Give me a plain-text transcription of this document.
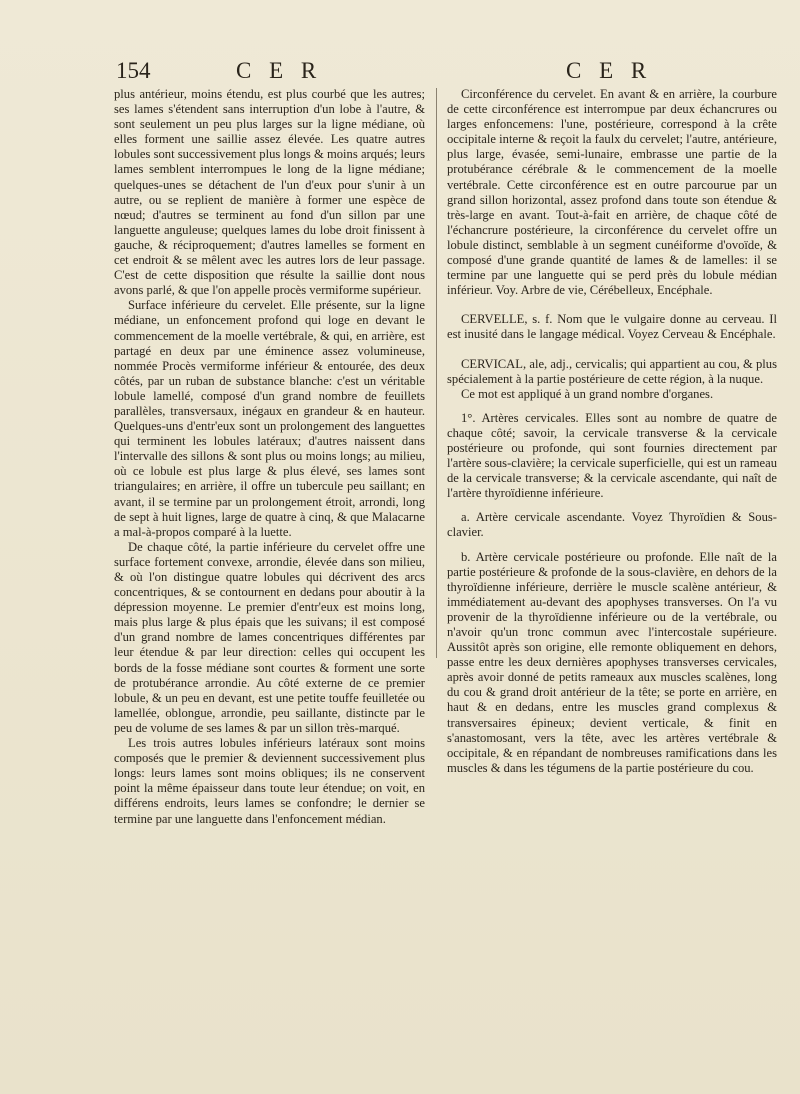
154	C E R	C E R

plus antérieur, moins étendu, est plus courbé que les autres; ses lames s'étendent sans interruption d'un lobe à l'autre, & sont seulement un peu plus larges sur la ligne médiane, où elles forment une saillie assez élevée. Les quatre autres lobules sont successivement plus longs & moins arqués; leurs lames semblent interrompues le long de la ligne médiane; quelques-unes se détachent de l'un d'eux pour s'unir à un autre, ou se replient de manière à former une espèce de nœud; d'autres se terminent au fond d'un sillon par une languette anguleuse; quelques lames du lobe droit finissent à gauche, & réciproquement; d'autres lamelles se forment en cet endroit & se mêlent avec les autres lors de leur passage. C'est de cette disposition que résulte la saillie dont nous avons parlé, & que l'on appelle procès vermiforme supérieur.

Surface inférieure du cervelet. Elle présente, sur la ligne médiane, un enfoncement profond qui loge en devant le commencement de la moelle vertébrale, & qui, en arrière, est partagé en deux par une éminence assez volumineuse, nommée Procès vermiforme inférieur & entourée, des deux côtés, par un ruban de substance blanche: c'est un véritable lobule lamellé, composé d'un grand nombre de feuillets parallèles, transversaux, inégaux en grandeur & en hauteur. Quelques-uns d'entr'eux sont un prolongement des languettes qui terminent les lobules latéraux; d'autres naissent dans l'intervalle des sillons & sont plus ou moins longs; au milieu, où ce lobule est plus large & plus élevé, ses lames sont triangulaires; en arrière, il offre un tubercule peu saillant; en avant, il se termine par un prolongement étroit, arrondi, long de sept à huit lignes, large de quatre à cinq, & que Malacarne a mal-à-propos comparé à la luette.

De chaque côté, la partie inférieure du cervelet offre une surface fortement convexe, arrondie, élevée dans son milieu, & où l'on distingue quatre lobules qui décrivent des arcs concentriques, & se contournent en dedans pour aboutir à la dépression moyenne. Le premier d'entr'eux est moins long, mais plus large & plus épais que les suivans; il est composé d'un grand nombre de lames concentriques différentes par leur étendue & par leur direction: celles qui occupent les bords de la fosse médiane sont courtes & forment une sorte de protubérance arrondie. Au côté externe de ce premier lobule, & un peu en devant, est une petite touffe feuilletée ou lamellée, oblongue, arrondie, peu saillante, distincte par le peu de volume de ses lames & par un sillon très-marqué.

Les trois autres lobules inférieurs latéraux sont moins composés que le premier & deviennent successivement plus longs: leurs lames sont moins obliques; ils ne conservent point la même épaisseur dans toute leur étendue; on voit, en différens endroits, leurs lames se confondre; le dernier se termine par une languette dans l'enfoncement médian.

Circonférence du cervelet. En avant & en arrière, la courbure de cette circonférence est interrompue par deux échancrures ou larges enfoncemens: l'une, postérieure, correspond à la crête occipitale interne & reçoit la faulx du cervelet; l'autre, antérieure, plus large, évasée, semi-lunaire, embrasse une partie de la protubérance cérébrale & le commencement de la moelle vertébrale. Cette circonférence est en outre parcourue par un grand sillon horizontal, assez profond dans toute son étendue & très-large en avant. Tout-à-fait en arrière, de chaque côté de l'échancrure postérieure, la circonférence du cervelet offre un lobule distinct, semblable à un segment cunéiforme d'ovoïde, & composé d'une grande quantité de lames & de lamelles: il se termine par une languette qui se perd près du lobule médian inférieur. Voy. Arbre de vie, Cérébelleux, Encéphale.

CERVELLE, s. f. Nom que le vulgaire donne au cerveau. Il est inusité dans le langage médical. Voyez Cerveau & Encéphale.

CERVICAL, ale, adj., cervicalis; qui appartient au cou, & plus spécialement à la partie postérieure de cette région, à la nuque.

Ce mot est appliqué à un grand nombre d'organes.

1°. Artères cervicales. Elles sont au nombre de quatre de chaque côté; savoir, la cervicale transverse & la cervicale postérieure ou profonde, qui sont fournies directement par l'artère sous-clavière; la cervicale superficielle, qui est un rameau de la cervicale transverse; & la cervicale ascendante, qui naît de l'artère thyroïdienne inférieure.

a. Artère cervicale ascendante. Voyez Thyroïdien & Sous-clavier.

b. Artère cervicale postérieure ou profonde. Elle naît de la partie postérieure & profonde de la sous-clavière, en dehors de la thyroïdienne inférieure, derrière le muscle scalène antérieur, & immédiatement au-devant des apophyses transverses. On l'a vu provenir de la thyroïdienne inférieure ou de la vertébrale, ou n'avoir qu'un tronc commun avec l'intercostale supérieure. Aussitôt après son origine, elle remonte obliquement en dehors, passe entre les deux dernières apophyses transverses cervicales, après avoir donné de petits rameaux aux muscles scalènes, long du cou & grand droit antérieur de la tête; se porte en arrière, en haut & en dedans, entre les muscles grand complexus & transversaires épineux; devient verticale, & finit en s'anastomosant, vers la tête, avec les artères vertébrale & occipitale, & en répandant de nombreuses ramifications dans les muscles & dans les tégumens de la partie postérieure du cou.
